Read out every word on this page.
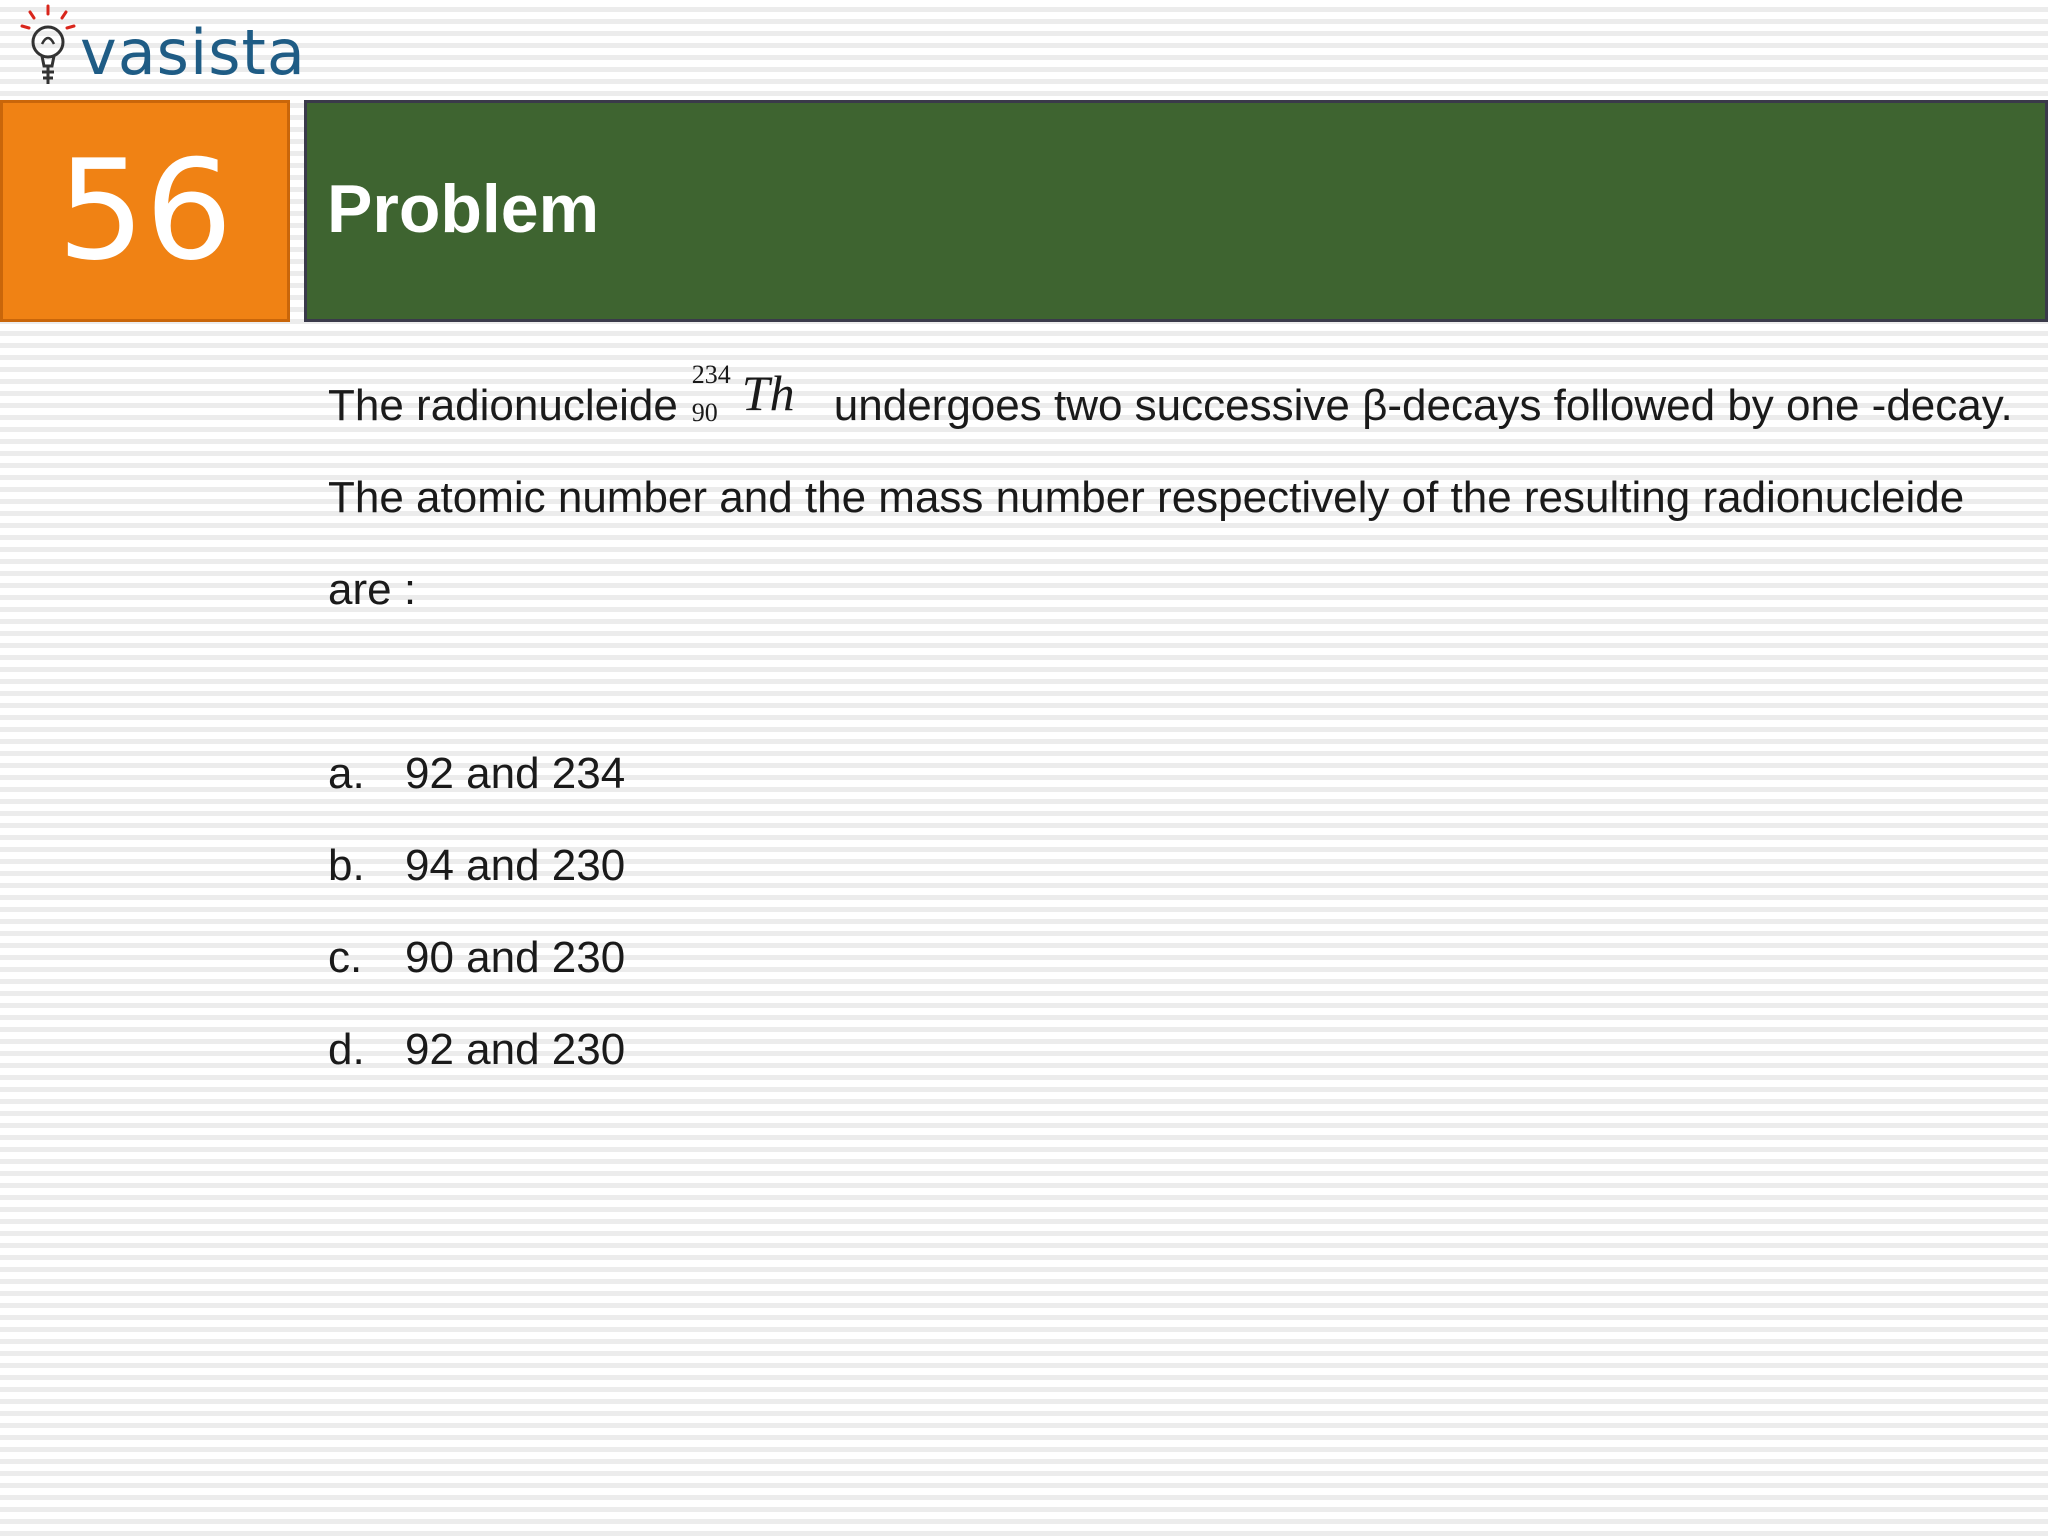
vasista
56 Problem

The radionucleide
234
90 Th undergoes two successive β-decays followed by one -decay. The atomic number and the mass number respectively of the resulting radionucleide are :

a. 92 and 234
b. 94 and 230
c. 90 and 230
d. 92 and 230
